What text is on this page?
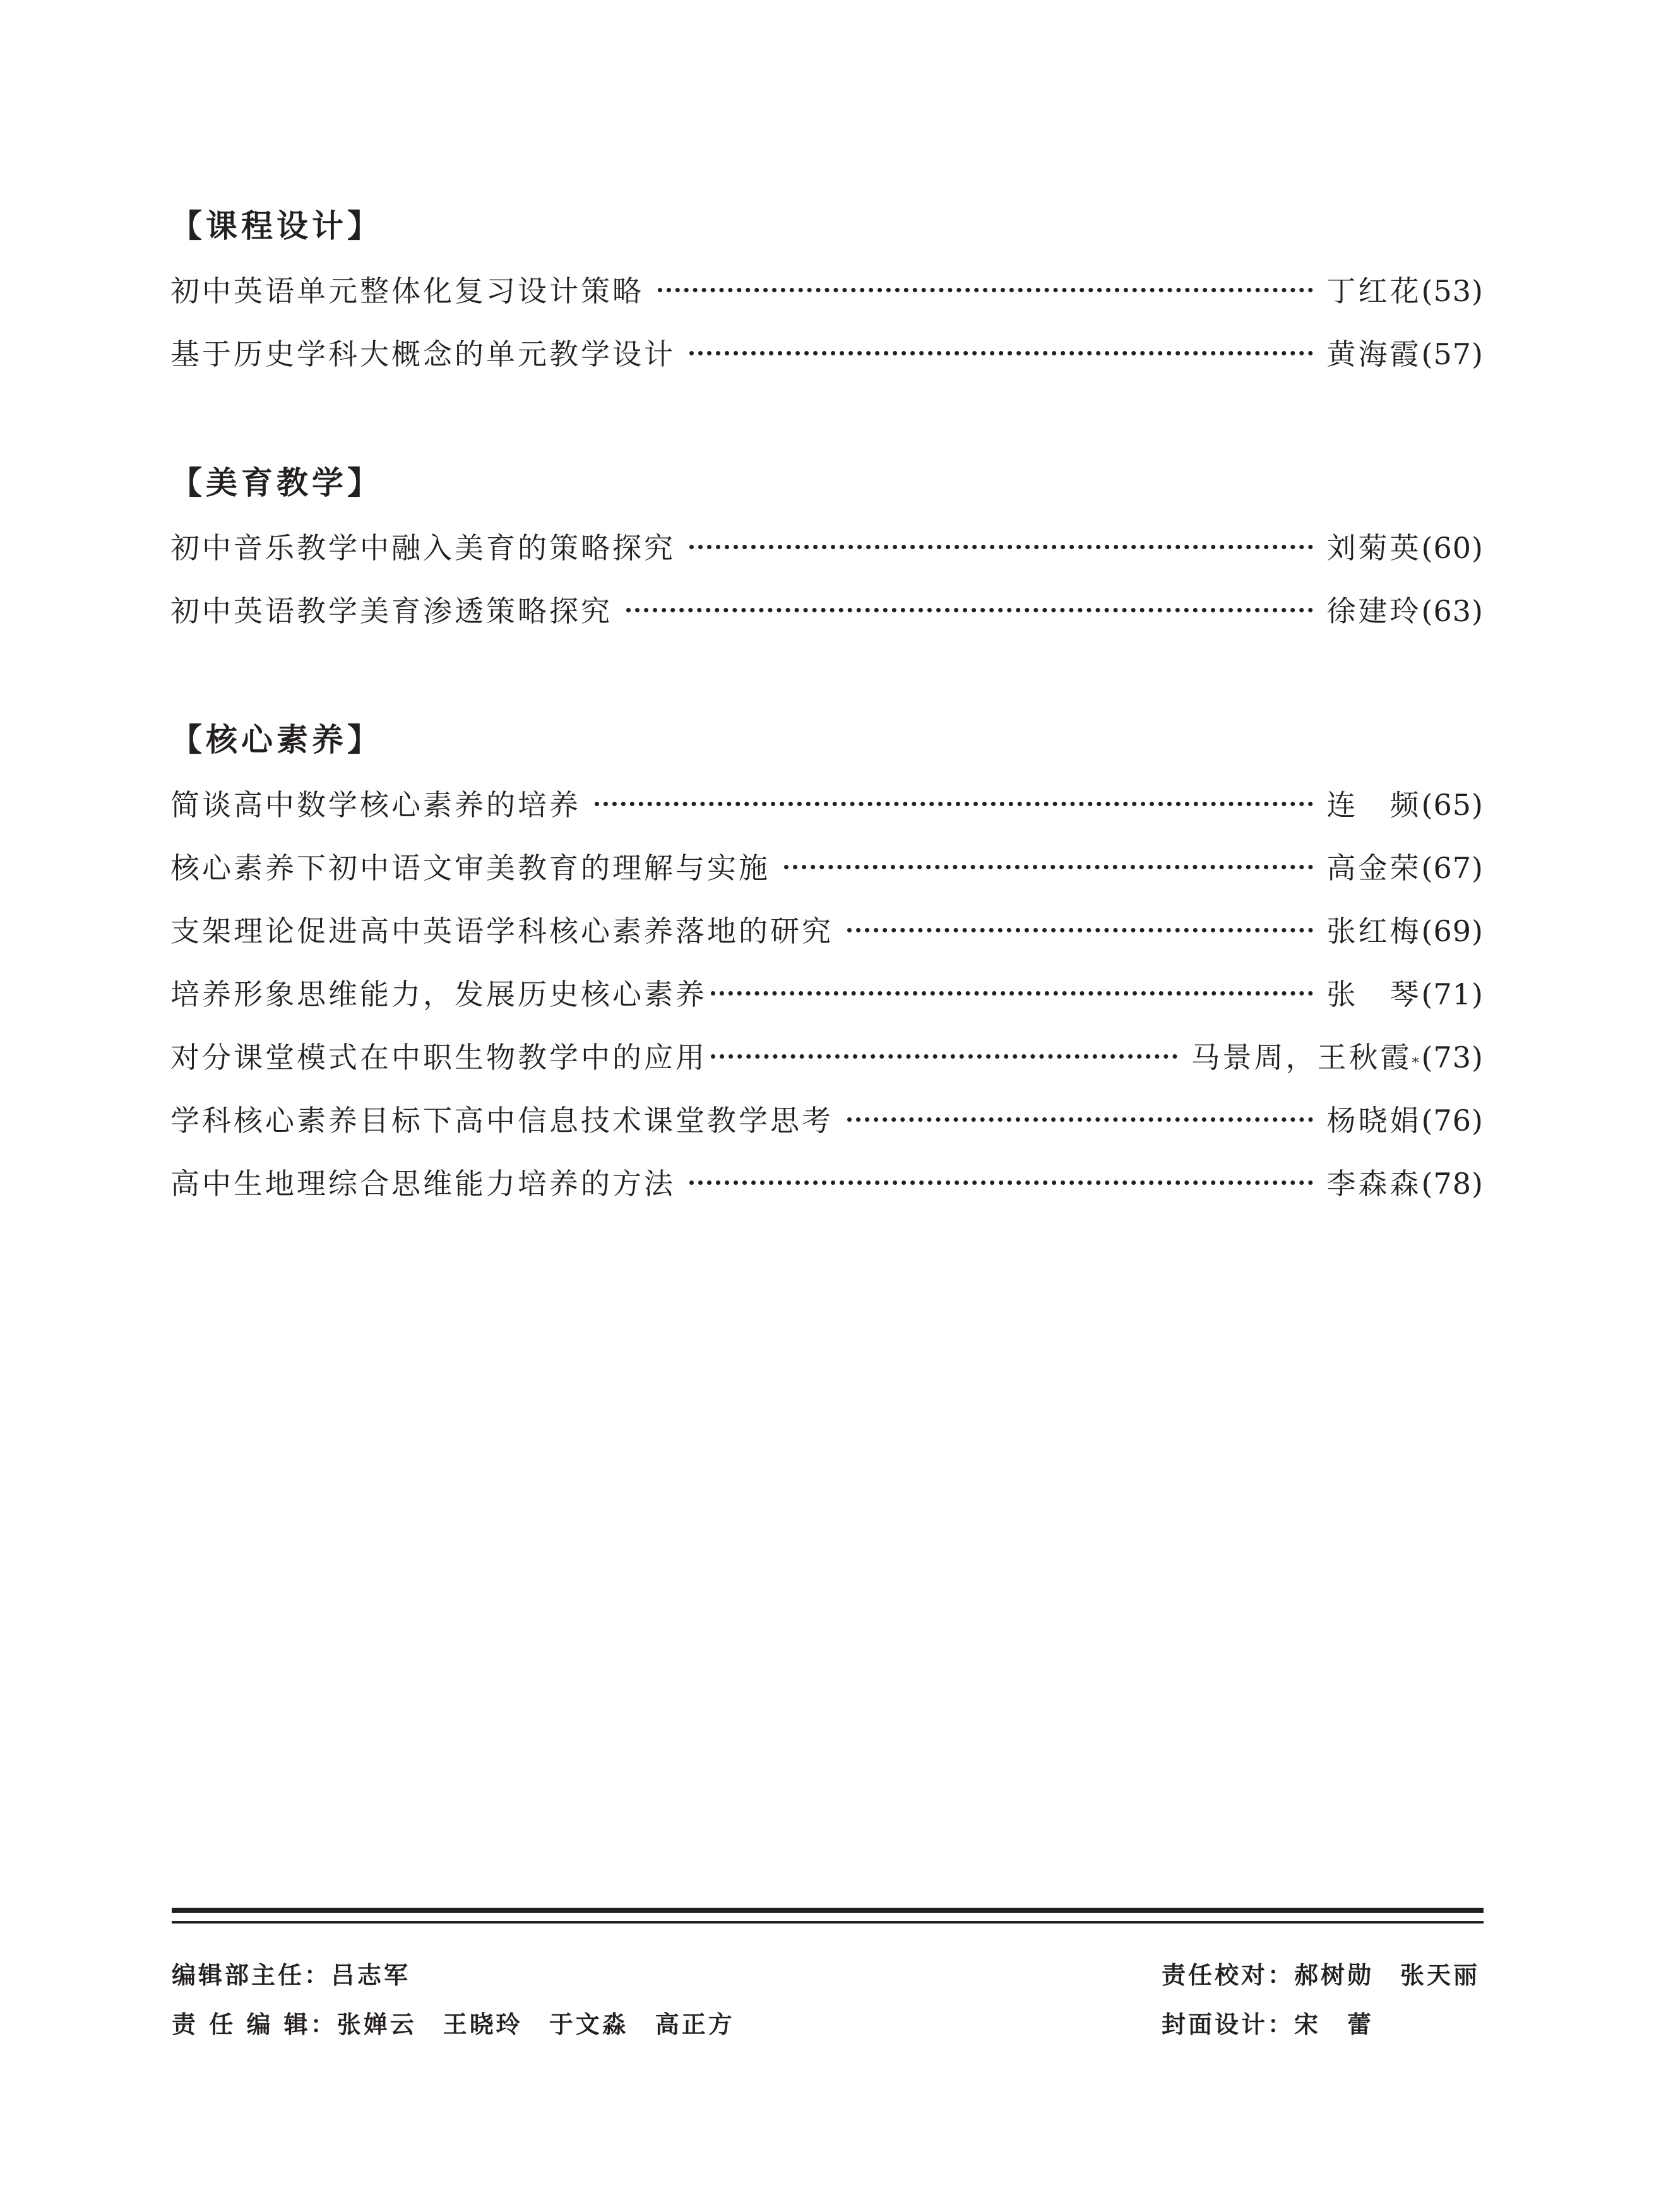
【课程设计】
初中英语单元整体化复习设计策略	丁红花 ( 53 )
基于历史学科大概念的单元教学设计	黄海霞 ( 57 )
【美育教学】
初中音乐教学中融入美育的策略探究	刘菊英 ( 60 )
初中英语教学美育渗透策略探究	徐建玲 ( 63 )
【核心素养】
简谈高中数学核心素养的培养	连　频 ( 65 )
核心素养下初中语文审美教育的理解与实施	高金荣 ( 67 )
支架理论促进高中英语学科核心素养落地的研究	张红梅 ( 69 )
培养形象思维能力，发展历史核心素养	张　琴 ( 71 )
对分课堂模式在中职生物教学中的应用	马景周，王秋霞 * ( 73 )
学科核心素养目标下高中信息技术课堂教学思考	杨晓娟 ( 76 )
高中生地理综合思维能力培养的方法	李森森 ( 78 )
编辑部主任：吕志军
责 任 编 辑：张婵云　王晓玲　于文淼　高正方
责任校对：郝树勋　张天丽
封面设计：宋　蕾
